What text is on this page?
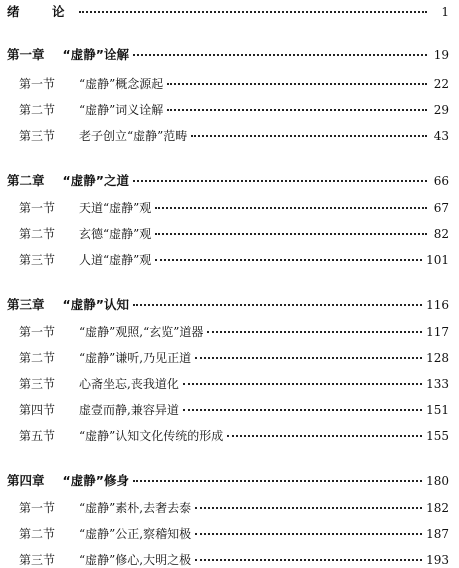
绪　论	1
第一章 “虚静”诠解	19
第一节	“虚静”概念源起	22
第二节	“虚静”词义诠解	29
第三节	老子创立“虚静”范畴	43
第二章 “虚静”之道	66
第一节	天道“虚静”观	67
第二节	玄德“虚静”观	82
第三节	人道“虚静”观	101
第三章 “虚静”认知	116
第一节	“虚静”观照,“玄览”道器	117
第二节	“虚静”谦听,乃见正道	128
第三节	心斋坐忘,丧我道化	133
第四节	虚壹而静,兼容异道	151
第五节	“虚静”认知文化传统的形成	155
第四章 “虚静”修身	180
第一节	“虚静”素朴,去奢去泰	182
第二节	“虚静”公正,察稽知极	187
第三节	“虚静”修心,大明之极	193
